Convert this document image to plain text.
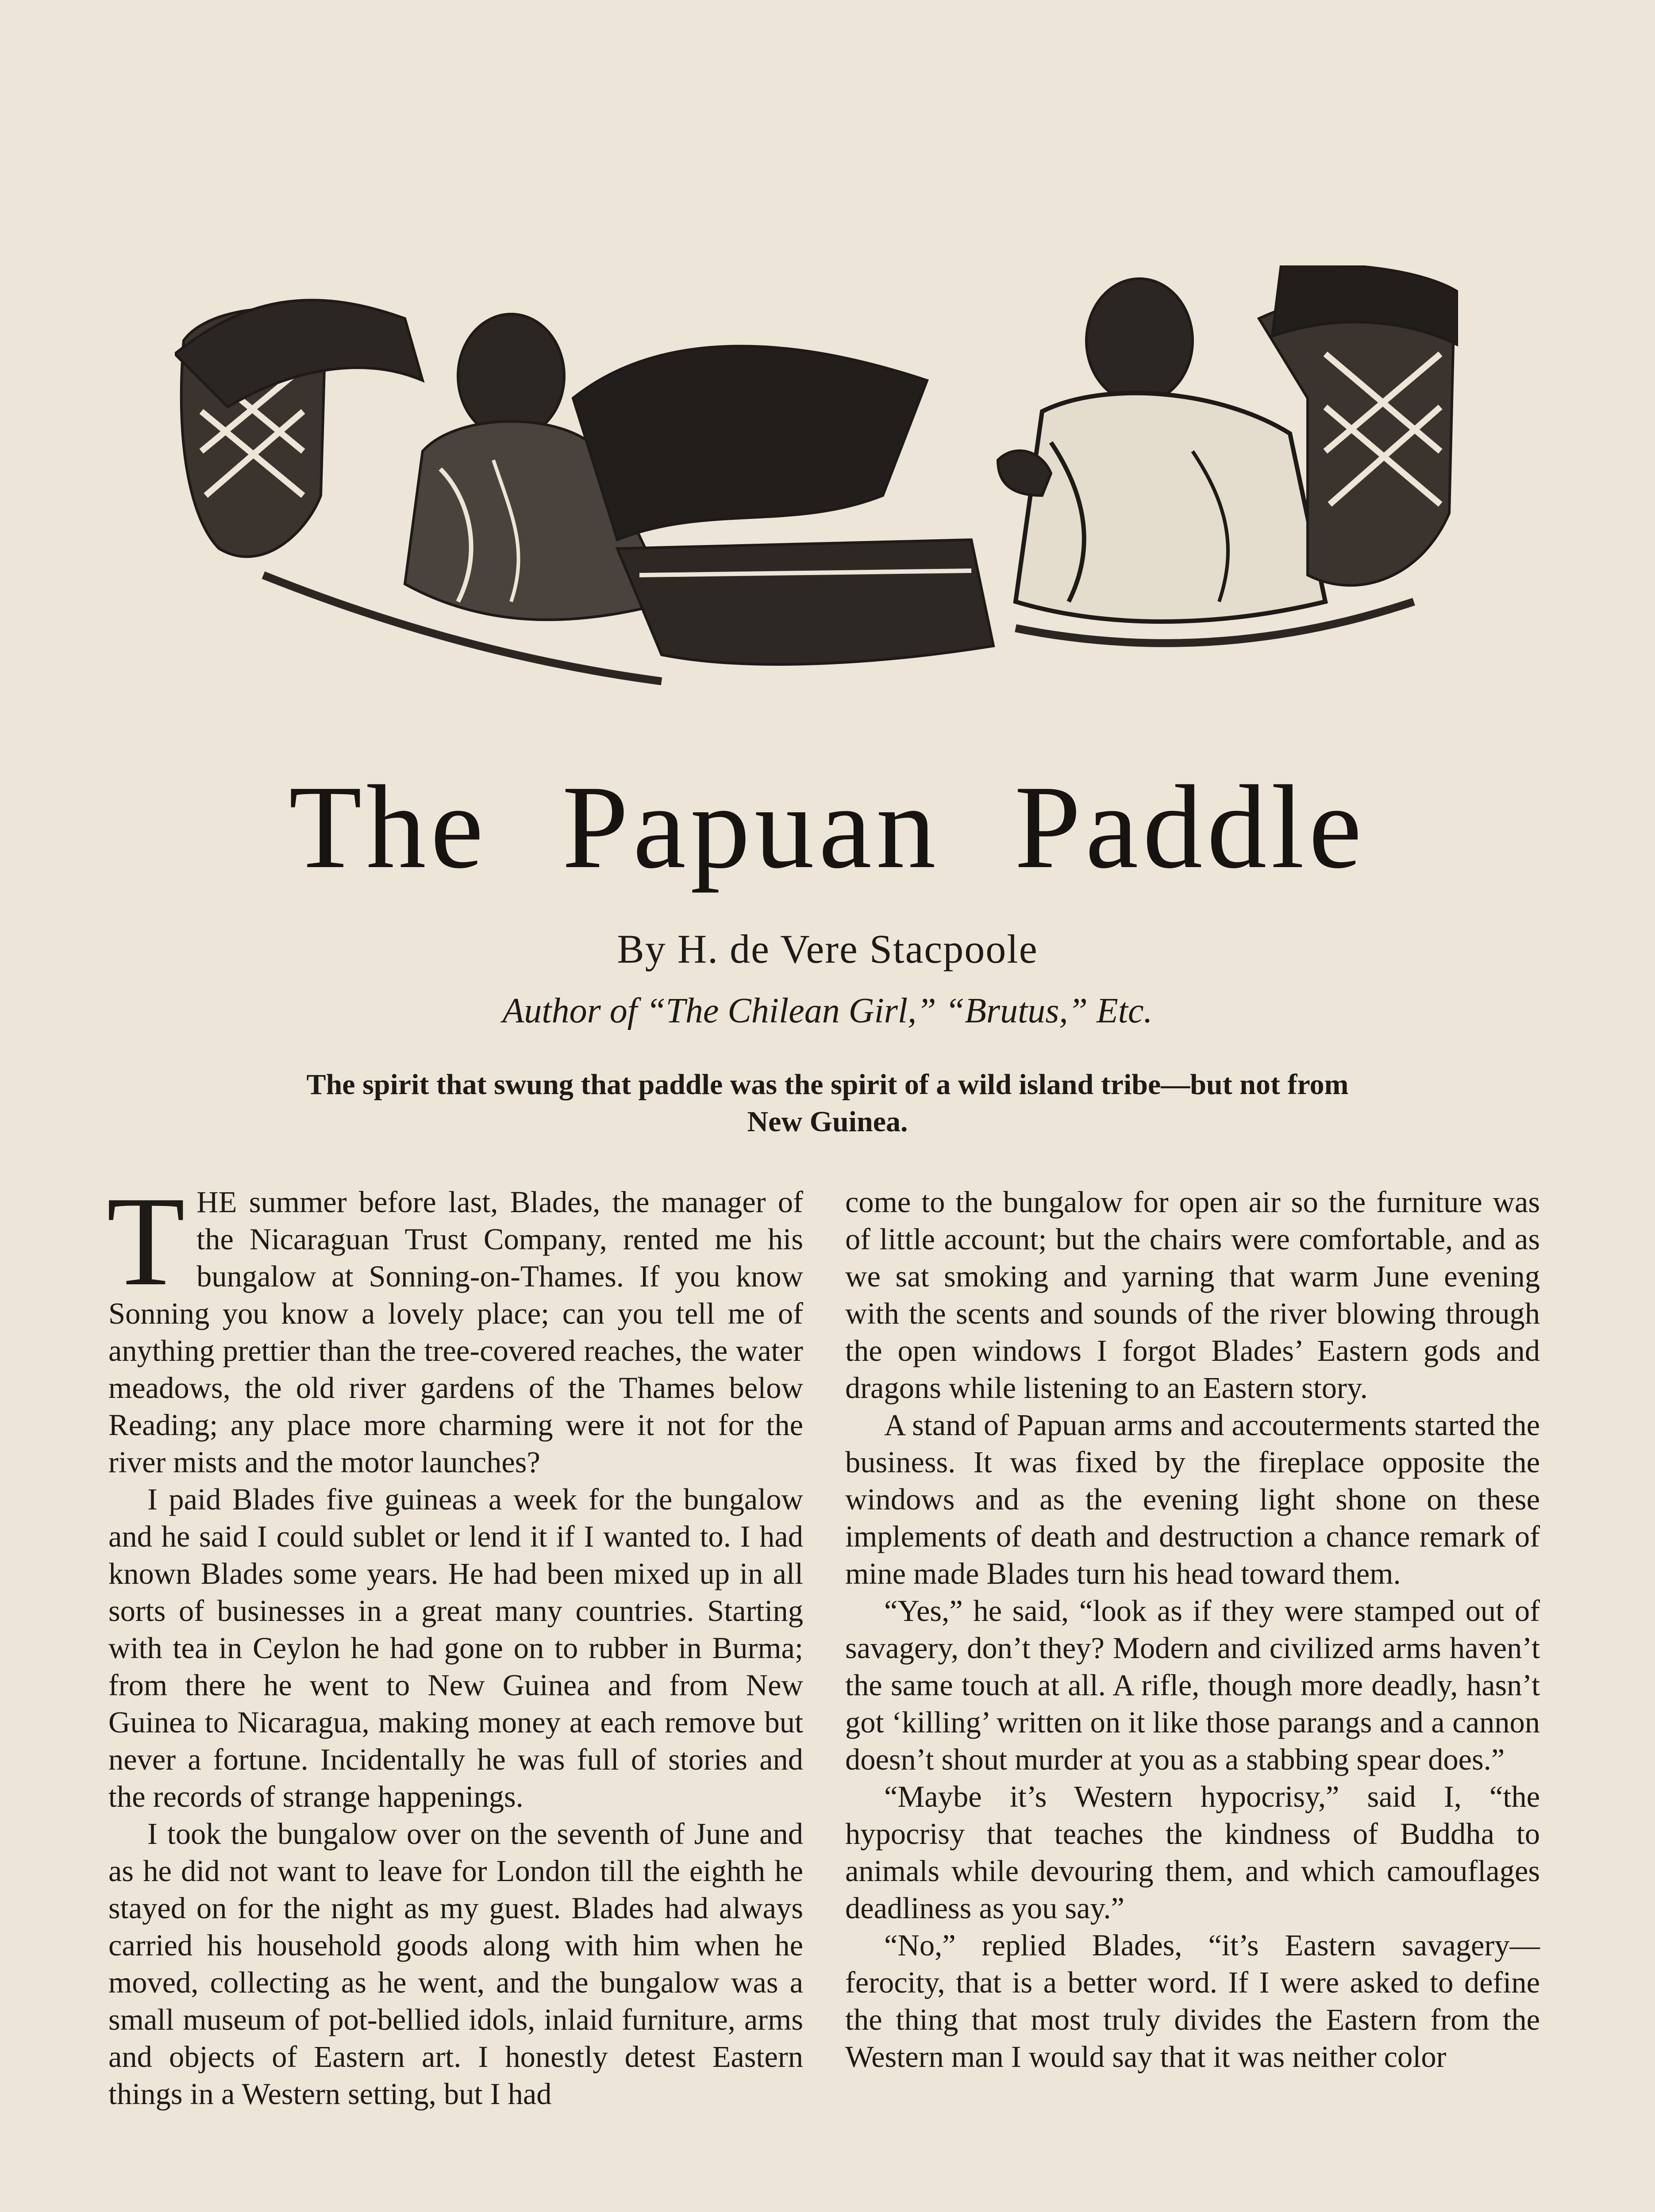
The Papuan Paddle
By H. de Vere Stacpoole
Author of “The Chilean Girl,” “Brutus,” Etc.
The spirit that swung that paddle was the spirit of a wild island tribe—but not from New Guinea.

THE summer before last, Blades, the manager of the Nicaraguan Trust Company, rented me his bungalow at Sonning-on-Thames. If you know Sonning you know a lovely place; can you tell me of anything prettier than the tree-covered reaches, the water meadows, the old river gardens of the Thames below Reading; any place more charming were it not for the river mists and the motor launches?

I paid Blades five guineas a week for the bungalow and he said I could sublet or lend it if I wanted to. I had known Blades some years. He had been mixed up in all sorts of businesses in a great many countries. Starting with tea in Ceylon he had gone on to rubber in Burma; from there he went to New Guinea and from New Guinea to Nicaragua, making money at each remove but never a fortune. Incidentally he was full of stories and the records of strange happenings.

I took the bungalow over on the seventh of June and as he did not want to leave for London till the eighth he stayed on for the night as my guest. Blades had always carried his household goods along with him when he moved, collecting as he went, and the bungalow was a small museum of pot-bellied idols, inlaid furniture, arms and objects of Eastern art. I honestly detest Eastern things in a Western setting, but I had

come to the bungalow for open air so the furniture was of little account; but the chairs were comfortable, and as we sat smoking and yarning that warm June evening with the scents and sounds of the river blowing through the open windows I forgot Blades’ Eastern gods and dragons while listening to an Eastern story.

A stand of Papuan arms and accouterments started the business. It was fixed by the fireplace opposite the windows and as the evening light shone on these implements of death and destruction a chance remark of mine made Blades turn his head toward them.

“Yes,” he said, “look as if they were stamped out of savagery, don’t they? Modern and civilized arms haven’t the same touch at all. A rifle, though more deadly, hasn’t got ‘killing’ written on it like those parangs and a cannon doesn’t shout murder at you as a stabbing spear does.”

“Maybe it’s Western hypocrisy,” said I, “the hypocrisy that teaches the kindness of Buddha to animals while devouring them, and which camouflages deadliness as you say.”

“No,” replied Blades, “it’s Eastern savagery—ferocity, that is a better word. If I were asked to define the thing that most truly divides the Eastern from the Western man I would say that it was neither color
